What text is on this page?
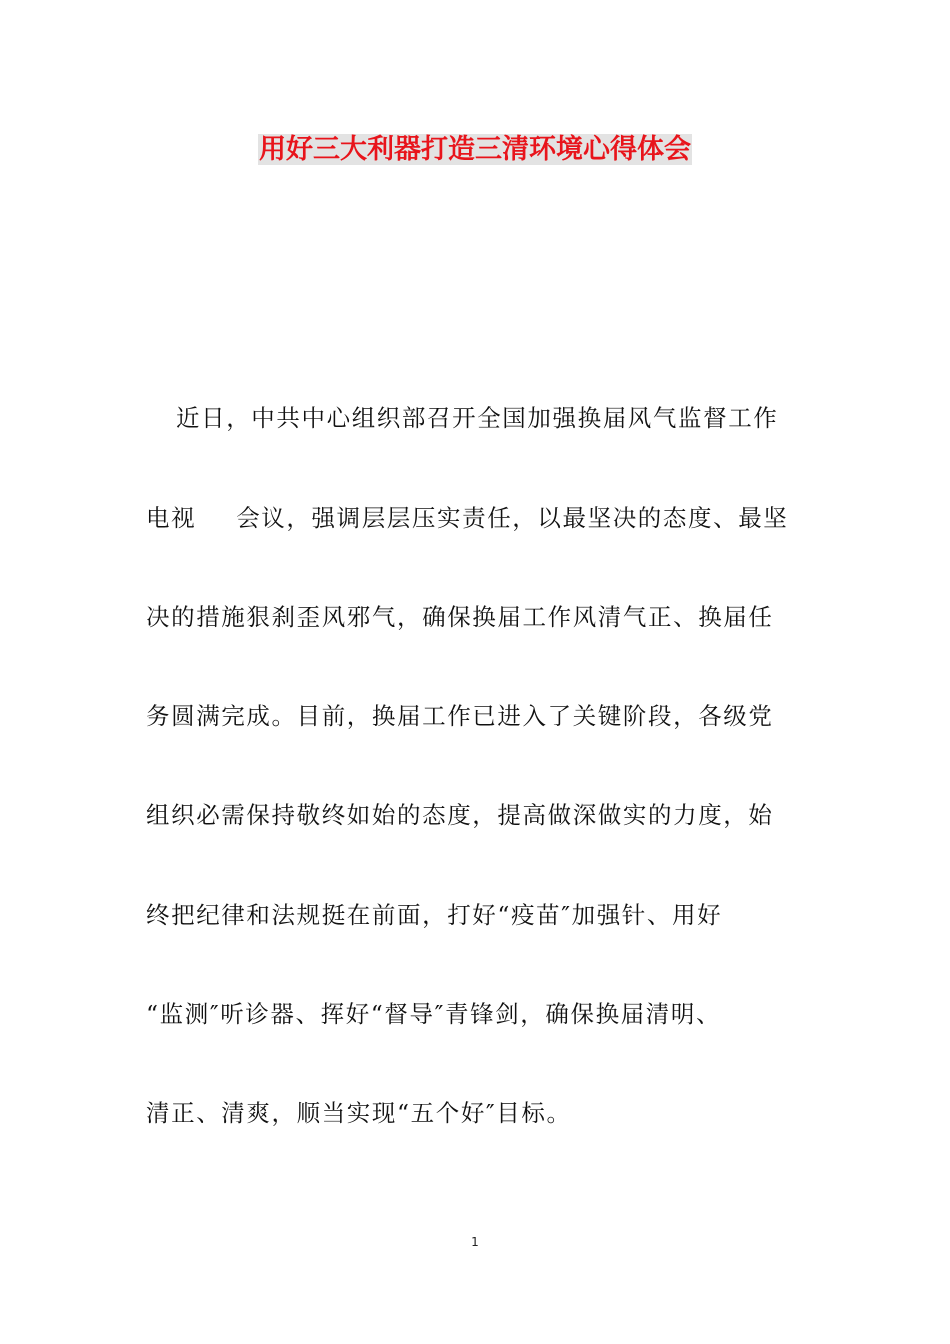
用好三大利器打造三清环境心得体会
近日，中共中心组织部召开全国加强换届风气监督工作
电视 会议，强调层层压实责任，以最坚决的态度、最坚
决的措施狠刹歪风邪气，确保换届工作风清气正、换届任
务圆满完成。目前，换届工作已进入了关键阶段，各级党
组织必需保持敬终如始的态度，提高做深做实的力度，始
终把纪律和法规挺在前面，打好“疫苗″加强针、用好
“监测″听诊器、挥好“督导″青锋剑，确保换届清明、
清正、清爽，顺当实现“五个好″目标。
1
